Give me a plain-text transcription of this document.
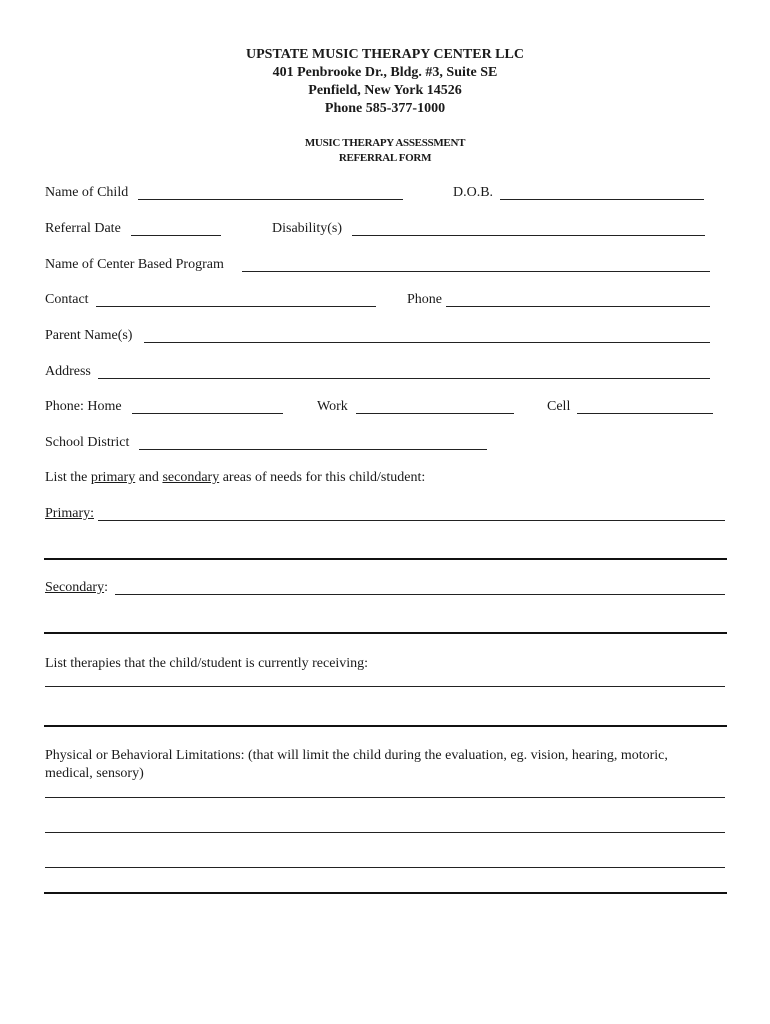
UPSTATE MUSIC THERAPY CENTER LLC
401 Penbrooke Dr., Bldg. #3, Suite SE
Penfield, New York 14526
Phone 585-377-1000
MUSIC THERAPY ASSESSMENT
REFERRAL FORM
Name of Child	D.O.B.
Referral Date	Disability(s)
Name of Center Based Program
Contact	Phone
Parent Name(s)
Address
Phone: Home	Work	Cell
School District
List the primary and secondary areas of needs for this child/student:
Primary:
Secondary:
List therapies that the child/student is currently receiving:
Physical or Behavioral Limitations: (that will limit the child during the evaluation, eg. vision, hearing, motoric,
medical, sensory)
